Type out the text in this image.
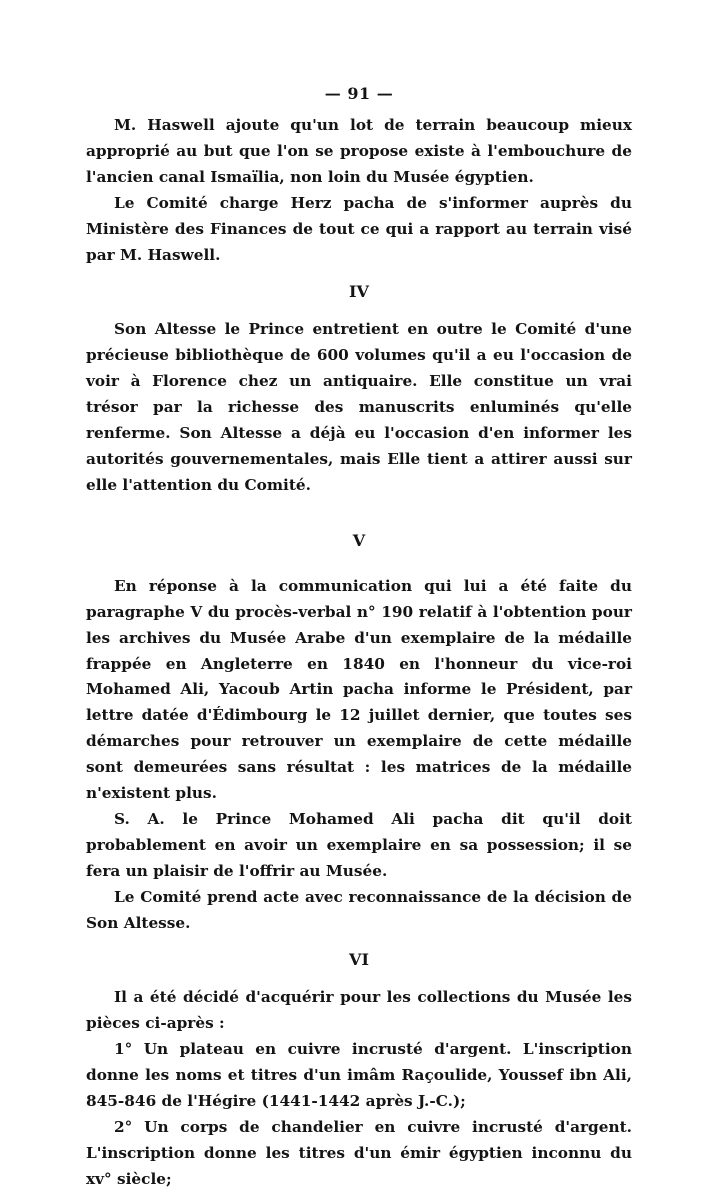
— 91 —

M. Haswell ajoute qu'un lot de terrain beaucoup mieux approprié au but que l'on se propose existe à l'embouchure de l'ancien canal Ismaïlia, non loin du Musée égyptien.

Le Comité charge Herz pacha de s'informer auprès du Ministère des Finances de tout ce qui a rapport au terrain visé par M. Haswell.

IV

Son Altesse le Prince entretient en outre le Comité d'une précieuse bibliothèque de 600 volumes qu'il a eu l'occasion de voir à Florence chez un antiquaire. Elle constitue un vrai trésor par la richesse des manuscrits enluminés qu'elle renferme. Son Altesse a déjà eu l'occasion d'en informer les autorités gouvernementales, mais Elle tient a attirer aussi sur elle l'attention du Comité.

V

En réponse à la communication qui lui a été faite du paragraphe V du procès-verbal n° 190 relatif à l'obtention pour les archives du Musée Arabe d'un exemplaire de la médaille frappée en Angleterre en 1840 en l'honneur du vice-roi Mohamed Ali, Yacoub Artin pacha informe le Président, par lettre datée d'Édimbourg le 12 juillet dernier, que toutes ses démarches pour retrouver un exemplaire de cette médaille sont demeurées sans résultat : les matrices de la médaille n'existent plus.

S. A. le Prince Mohamed Ali pacha dit qu'il doit probablement en avoir un exemplaire en sa possession; il se fera un plaisir de l'offrir au Musée.

Le Comité prend acte avec reconnaissance de la décision de Son Altesse.

VI

Il a été décidé d'acquérir pour les collections du Musée les pièces ci-après :

1° Un plateau en cuivre incrusté d'argent. L'inscription donne les noms et titres d'un imâm Raçoulide, Youssef ibn Ali, 845-846 de l'Hégire (1441-1442 après J.-C.);

2° Un corps de chandelier en cuivre incrusté d'argent. L'inscription donne les titres d'un émir égyptien inconnu du xv° siècle;
